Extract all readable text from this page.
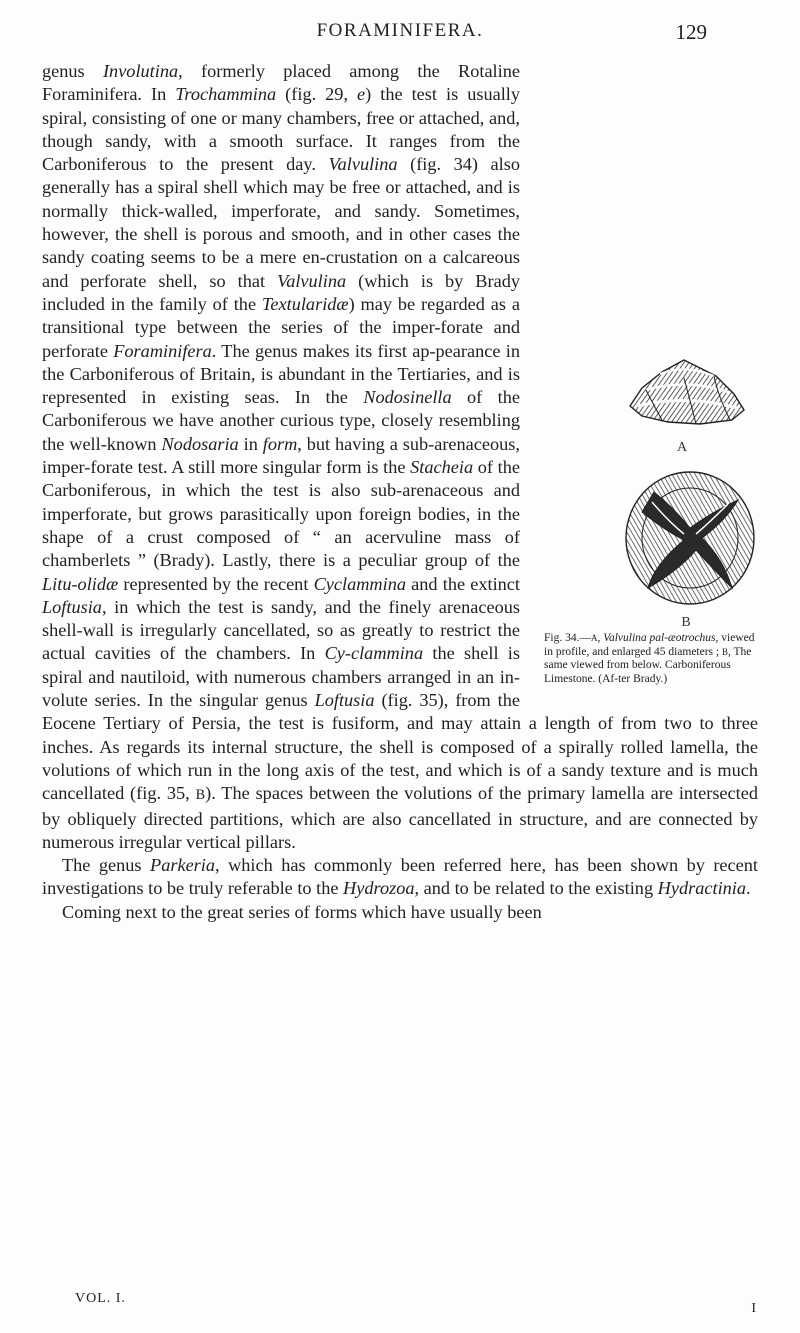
FORAMINIFERA.	129
A
B
Fig. 34.—A, Valvulina pal-æotrochus, viewed in profile, and enlarged 45 diameters ; B, The same viewed from below. Carboniferous Limestone. (Af-ter Brady.)

genus Involutina, formerly placed among the Rotaline Foraminifera. In Trochammina (fig. 29, e) the test is usually spiral, consisting of one or many chambers, free or attached, and, though sandy, with a smooth surface. It ranges from the Carboniferous to the present day. Valvulina (fig. 34) also generally has a spiral shell which may be free or attached, and is normally thick-walled, imperforate, and sandy. Sometimes, however, the shell is porous and smooth, and in other cases the sandy coating seems to be a mere en-crustation on a calcareous and perforate shell, so that Valvulina (which is by Brady included in the family of the Textularidæ) may be regarded as a transitional type between the series of the imper-forate and perforate Foraminifera. The genus makes its first ap-pearance in the Carboniferous of Britain, is abundant in the Tertiaries, and is represented in existing seas. In the Nodosinella of the Carboniferous we have another curious type, closely resembling the well-known Nodosaria in form, but having a sub-arenaceous, imper-forate test. A still more singular form is the Stacheia of the Carboniferous, in which the test is also sub-arenaceous and imperforate, but grows parasitically upon foreign bodies, in the shape of a crust composed of “ an acervuline mass of chamberlets ” (Brady). Lastly, there is a peculiar group of the Litu-olidæ represented by the recent Cyclammina and the extinct Loftusia, in which the test is sandy, and the finely arenaceous shell-wall is irregularly cancellated, so as greatly to restrict the actual cavities of the chambers. In Cy-clammina the shell is spiral and nautiloid, with numerous chambers arranged in an in-volute series. In the singular genus Loftusia (fig. 35), from the Eocene Tertiary of Persia, the test is fusiform, and may attain a length of from two to three inches. As regards its internal structure, the shell is composed of a spirally rolled lamella, the volutions of which run in the long axis of the test, and which is of a sandy texture and is much cancellated (fig. 35, B). The spaces between the volutions of the primary lamella are intersected by obliquely directed partitions, which are also cancellated in structure, and are connected by numerous irregular vertical pillars.

The genus Parkeria, which has commonly been referred here, has been shown by recent investigations to be truly referable to the Hydrozoa, and to be related to the existing Hydractinia.

Coming next to the great series of forms which have usually been

VOL. I.
I
